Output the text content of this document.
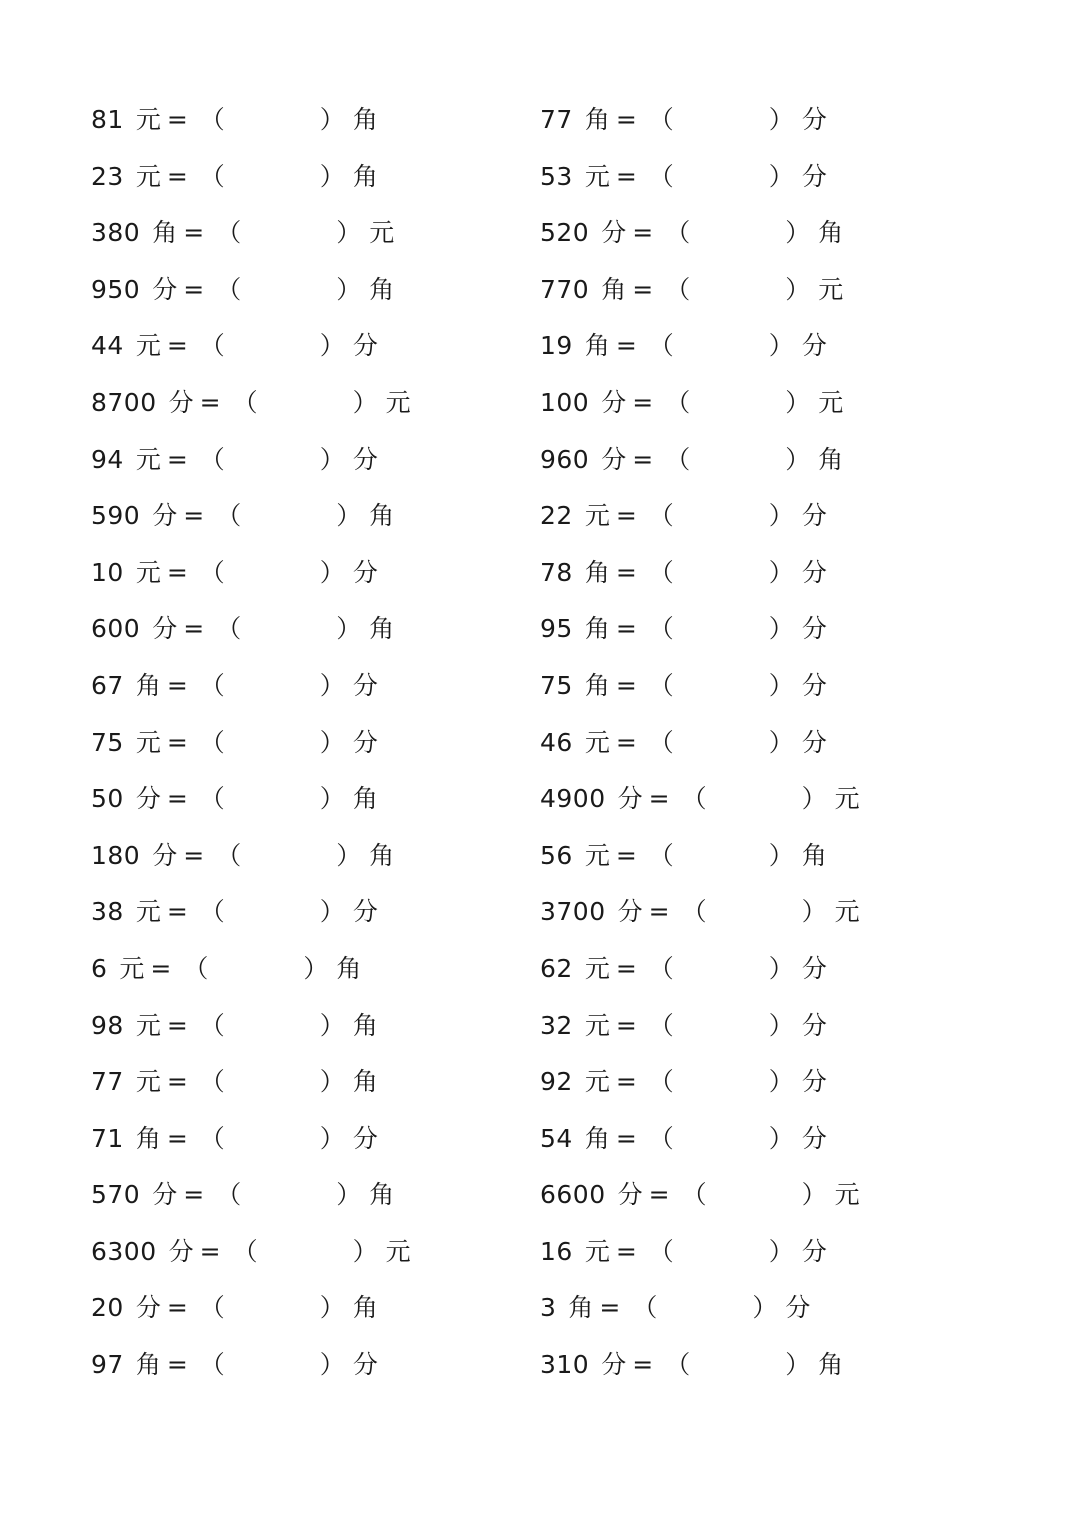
81 元 = （	） 角
23 元 = （	） 角
380 角 = （	） 元
950 分 = （	） 角
44 元 = （	） 分
8700 分 = （	） 元
94 元 = （	） 分
590 分 = （	） 角
10 元 = （	） 分
600 分 = （	） 角
67 角 = （	） 分
75 元 = （	） 分
50 分 = （	） 角
180 分 = （	） 角
38 元 = （	） 分
6 元 = （	） 角
98 元 = （	） 角
77 元 = （	） 角
71 角 = （	） 分
570 分 = （	） 角
6300 分 = （	） 元
20 分 = （	） 角
97 角 = （	） 分
77 角 = （	） 分
53 元 = （	） 分
520 分 = （	） 角
770 角 = （	） 元
19 角 = （	） 分
100 分 = （	） 元
960 分 = （	） 角
22 元 = （	） 分
78 角 = （	） 分
95 角 = （	） 分
75 角 = （	） 分
46 元 = （	） 分
4900 分 = （	） 元
56 元 = （	） 角
3700 分 = （	） 元
62 元 = （	） 分
32 元 = （	） 分
92 元 = （	） 分
54 角 = （	） 分
6600 分 = （	） 元
16 元 = （	） 分
3 角 = （	） 分
310 分 = （	） 角
